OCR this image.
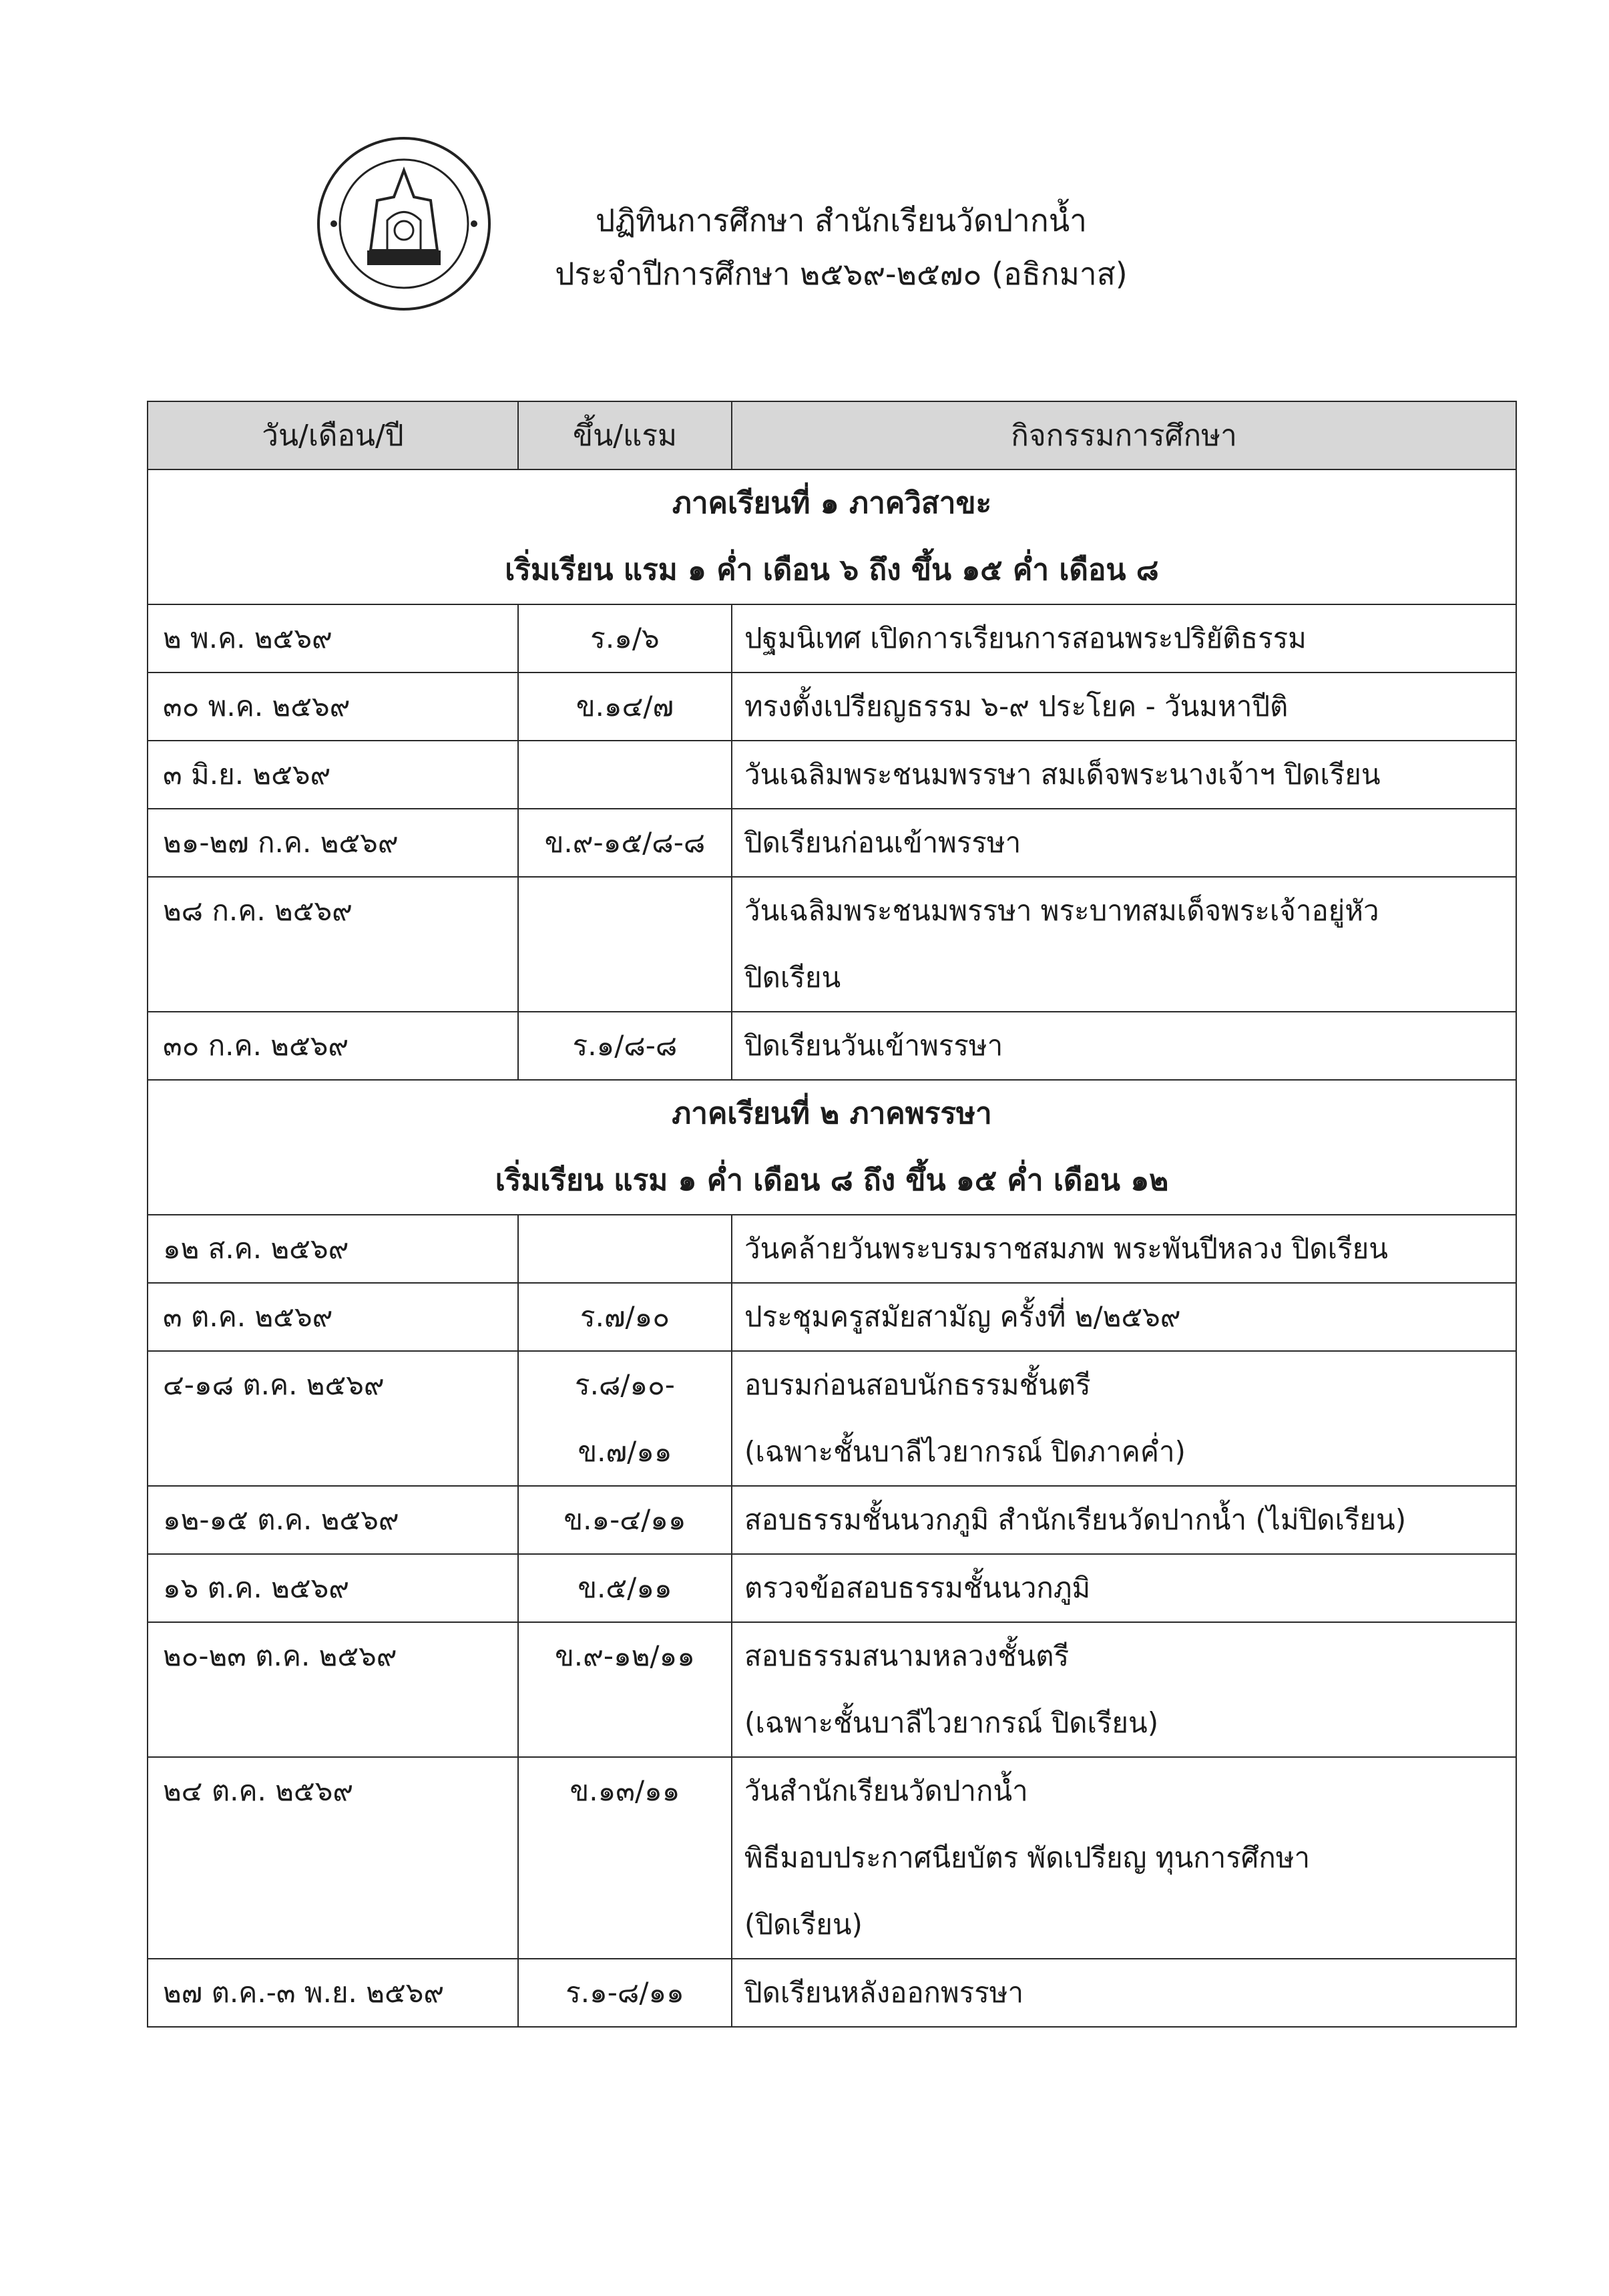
ปฏิทินการศึกษา สำนักเรียนวัดปากน้ำ
ประจำปีการศึกษา ๒๕๖๙-๒๕๗๐ (อธิกมาส)
วัน/เดือน/ปี	ขึ้น/แรม	กิจกรรมการศึกษา

ภาคเรียนที่ ๑ ภาควิสาขะ
เริ่มเรียน แรม ๑ ค่ำ เดือน ๖ ถึง ขึ้น ๑๕ ค่ำ เดือน ๘		

๒ พ.ค. ๒๕๖๙	ร.๑/๖	ปฐมนิเทศ เปิดการเรียนการสอนพระปริยัติธรรม

๓๐ พ.ค. ๒๕๖๙	ข.๑๔/๗	ทรงตั้งเปรียญธรรม ๖-๙ ประโยค - วันมหาปีติ

๓ มิ.ย. ๒๕๖๙		วันเฉลิมพระชนมพรรษา สมเด็จพระนางเจ้าฯ ปิดเรียน

๒๑-๒๗ ก.ค. ๒๕๖๙	ข.๙-๑๕/๘-๘	ปิดเรียนก่อนเข้าพรรษา

๒๘ ก.ค. ๒๕๖๙		วันเฉลิมพระชนมพรรษา พระบาทสมเด็จพระเจ้าอยู่หัว
ปิดเรียน

๓๐ ก.ค. ๒๕๖๙	ร.๑/๘-๘	ปิดเรียนวันเข้าพรรษา

ภาคเรียนที่ ๒ ภาคพรรษา
เริ่มเรียน แรม ๑ ค่ำ เดือน ๘ ถึง ขึ้น ๑๕ ค่ำ เดือน ๑๒		

๑๒ ส.ค. ๒๕๖๙		วันคล้ายวันพระบรมราชสมภพ พระพันปีหลวง ปิดเรียน

๓ ต.ค. ๒๕๖๙	ร.๗/๑๐	ประชุมครูสมัยสามัญ ครั้งที่ ๒/๒๕๖๙

๔-๑๘ ต.ค. ๒๕๖๙	ร.๘/๑๐-
ข.๗/๑๑	อบรมก่อนสอบนักธรรมชั้นตรี
(เฉพาะชั้นบาลีไวยากรณ์ ปิดภาคค่ำ)

๑๒-๑๕ ต.ค. ๒๕๖๙	ข.๑-๔/๑๑	สอบธรรมชั้นนวกภูมิ สำนักเรียนวัดปากน้ำ (ไม่ปิดเรียน)

๑๖ ต.ค. ๒๕๖๙	ข.๕/๑๑	ตรวจข้อสอบธรรมชั้นนวกภูมิ

๒๐-๒๓ ต.ค. ๒๕๖๙	ข.๙-๑๒/๑๑	สอบธรรมสนามหลวงชั้นตรี
(เฉพาะชั้นบาลีไวยากรณ์ ปิดเรียน)

๒๔ ต.ค. ๒๕๖๙	ข.๑๓/๑๑	วันสำนักเรียนวัดปากน้ำ
พิธีมอบประกาศนียบัตร พัดเปรียญ ทุนการศึกษา
(ปิดเรียน)

๒๗ ต.ค.-๓ พ.ย. ๒๕๖๙	ร.๑-๘/๑๑	ปิดเรียนหลังออกพรรษา
